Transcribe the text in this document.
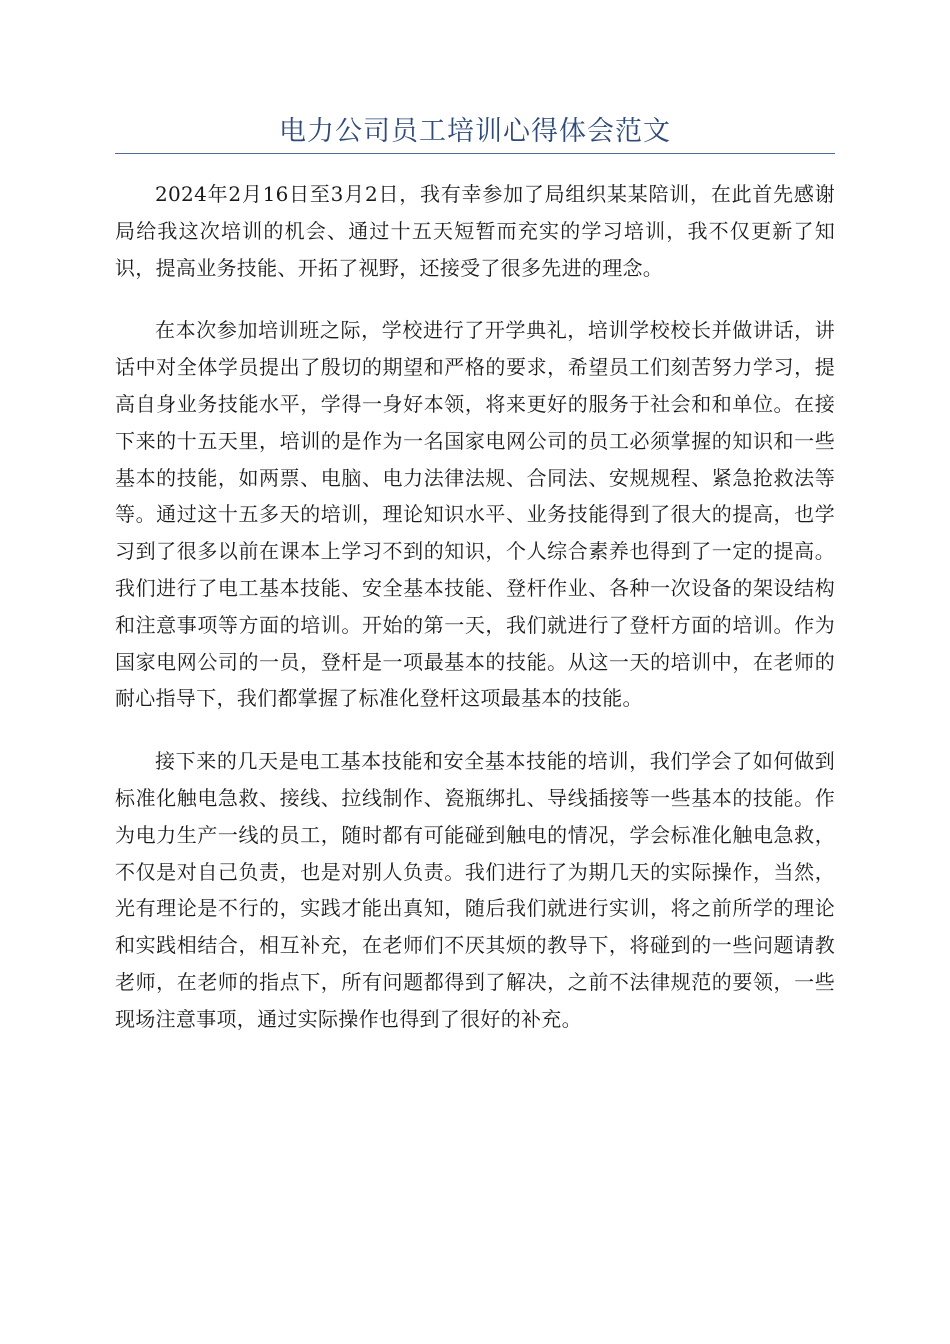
电力公司员工培训心得体会范文

2024年2月16日至3月2日，我有幸参加了局组织某某陪训，在此首先感谢局给我这次培训的机会、通过十五天短暂而充实的学习培训，我不仅更新了知识，提高业务技能、开拓了视野，还接受了很多先进的理念。

在本次参加培训班之际，学校进行了开学典礼，培训学校校长并做讲话，讲话中对全体学员提出了殷切的期望和严格的要求，希望员工们刻苦努力学习，提高自身业务技能水平，学得一身好本领，将来更好的服务于社会和和单位。在接下来的十五天里，培训的是作为一名国家电网公司的员工必须掌握的知识和一些基本的技能，如两票、电脑、电力法律法规、合同法、安规规程、紧急抢救法等等。通过这十五多天的培训，理论知识水平、业务技能得到了很大的提高，也学习到了很多以前在课本上学习不到的知识，个人综合素养也得到了一定的提高。我们进行了电工基本技能、安全基本技能、登杆作业、各种一次设备的架设结构和注意事项等方面的培训。开始的第一天，我们就进行了登杆方面的培训。作为国家电网公司的一员，登杆是一项最基本的技能。从这一天的培训中，在老师的耐心指导下，我们都掌握了标准化登杆这项最基本的技能。

接下来的几天是电工基本技能和安全基本技能的培训，我们学会了如何做到标准化触电急救、接线、拉线制作、瓷瓶绑扎、导线插接等一些基本的技能。作为电力生产一线的员工，随时都有可能碰到触电的情况，学会标准化触电急救，不仅是对自己负责，也是对别人负责。我们进行了为期几天的实际操作，当然，光有理论是不行的，实践才能出真知，随后我们就进行实训，将之前所学的理论和实践相结合，相互补充，在老师们不厌其烦的教导下，将碰到的一些问题请教老师，在老师的指点下，所有问题都得到了解决，之前不法律规范的要领，一些现场注意事项，通过实际操作也得到了很好的补充。
